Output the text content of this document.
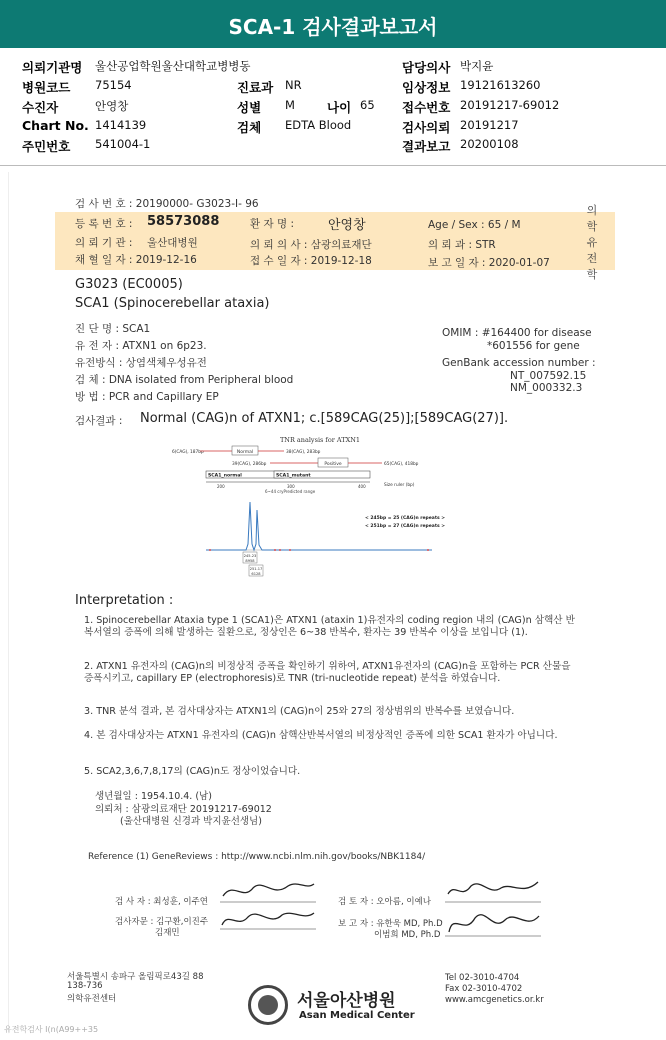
SCA-1 검사결과보고서
의뢰기관명 울산공업학원울산대학교병병동
병원코드 75154
수진자	안영창
Chart No. 1414139
주민번호 541004-1
진료과 NR
성별 M	나이 65
검체 EDTA Blood
담당의사 박지윤
임상정보 19121613260
접수번호 20191217-69012
검사의뢰 20191217
결과보고 20200108
검 사 번 호 : 20190000- G3023-I- 96
등 록 번 호 : 58573088	환 자 명 :	안영창	Age / Sex : 65 / M
의 뢰 기 관 : 울산대병원	의 뢰 의 사 : 삼광의료재단	의 뢰 과 : STR
채 혈 일 자 : 2019-12-16	접 수 일 자 : 2019-12-18	보 고 일 자 : 2020-01-07
의
학
유
전
학
G3023 (EC0005)
SCA1 (Spinocerebellar ataxia)
진 단 명 : SCA1
유 전 자 : ATXN1 on 6p23.
유전방식 : 상염색체우성유전
검 체 : DNA isolated from Peripheral blood
방 법 : PCR and Capillary EP
OMIM : #164400 for disease
*601556 for gene
GenBank accession number :
NT_007592.15
NM_000332.3
검사결과 : Normal (CAG)n of ATXN1; c.[589CAG(25)];[589CAG(27)].
TNR analysis for ATXN1
6(CAG), 187bp	Normal	38(CAG), 283bp
39(CAG), 286bp	Positive	65(CAG), 418bp
SCA1_normal	SCA1_mutant
200	300	400	Size ruler (bp)
6~44 cryPredicted range
< 245bp = 25 (CAG)n repeats >
< 251bp = 27 (CAG)n repeats >
245.23
8958
251.17
6128
Interpretation :
1. Spinocerebellar Ataxia type 1 (SCA1)은 ATXN1 (ataxin 1)유전자의 coding region 내의 (CAG)n 삼핵산 반복서열의 증폭에 의해 발생하는 질환으로, 정상인은 6~38 반복수, 환자는 39 반복수 이상을 보입니다 (1).
2. ATXN1 유전자의 (CAG)n의 비정상적 증폭을 확인하기 위하여, ATXN1유전자의 (CAG)n을 포함하는 PCR 산물을 증폭시키고, capillary EP (electrophoresis)로 TNR (tri-nucleotide repeat) 분석을 하였습니다.
3. TNR 분석 결과, 본 검사대상자는 ATXN1의 (CAG)n이 25와 27의 정상범위의 반복수를 보였습니다.
4. 본 검사대상자는 ATXN1 유전자의 (CAG)n 삼핵산반복서열의 비정상적인 증폭에 의한 SCA1 환자가 아닙니다.
5. SCA2,3,6,7,8,17의 (CAG)n도 정상이었습니다.
생년월일 : 1954.10.4. (남)
의뢰처 : 삼광의료재단 20191217-69012
(울산대병원 신경과 박지윤선생님)
Reference (1) GeneReviews : http://www.ncbi.nlm.nih.gov/books/NBK1184/
검 사 자 : 최성훈, 이주연	검 토 자 : 오아름, 이예나
검사자문 : 김구환,이진주
김재민
보 고 자 : 유한욱 MD, Ph.D
이범희 MD, Ph.D
서울특별시 송파구 올림픽로43길 88
138-736
의학유전센터	서울아산병원
Asan Medical Center
Tel 02-3010-4704
Fax 02-3010-4702
www.amcgenetics.or.kr
유전학검사 I(n(A99++35
